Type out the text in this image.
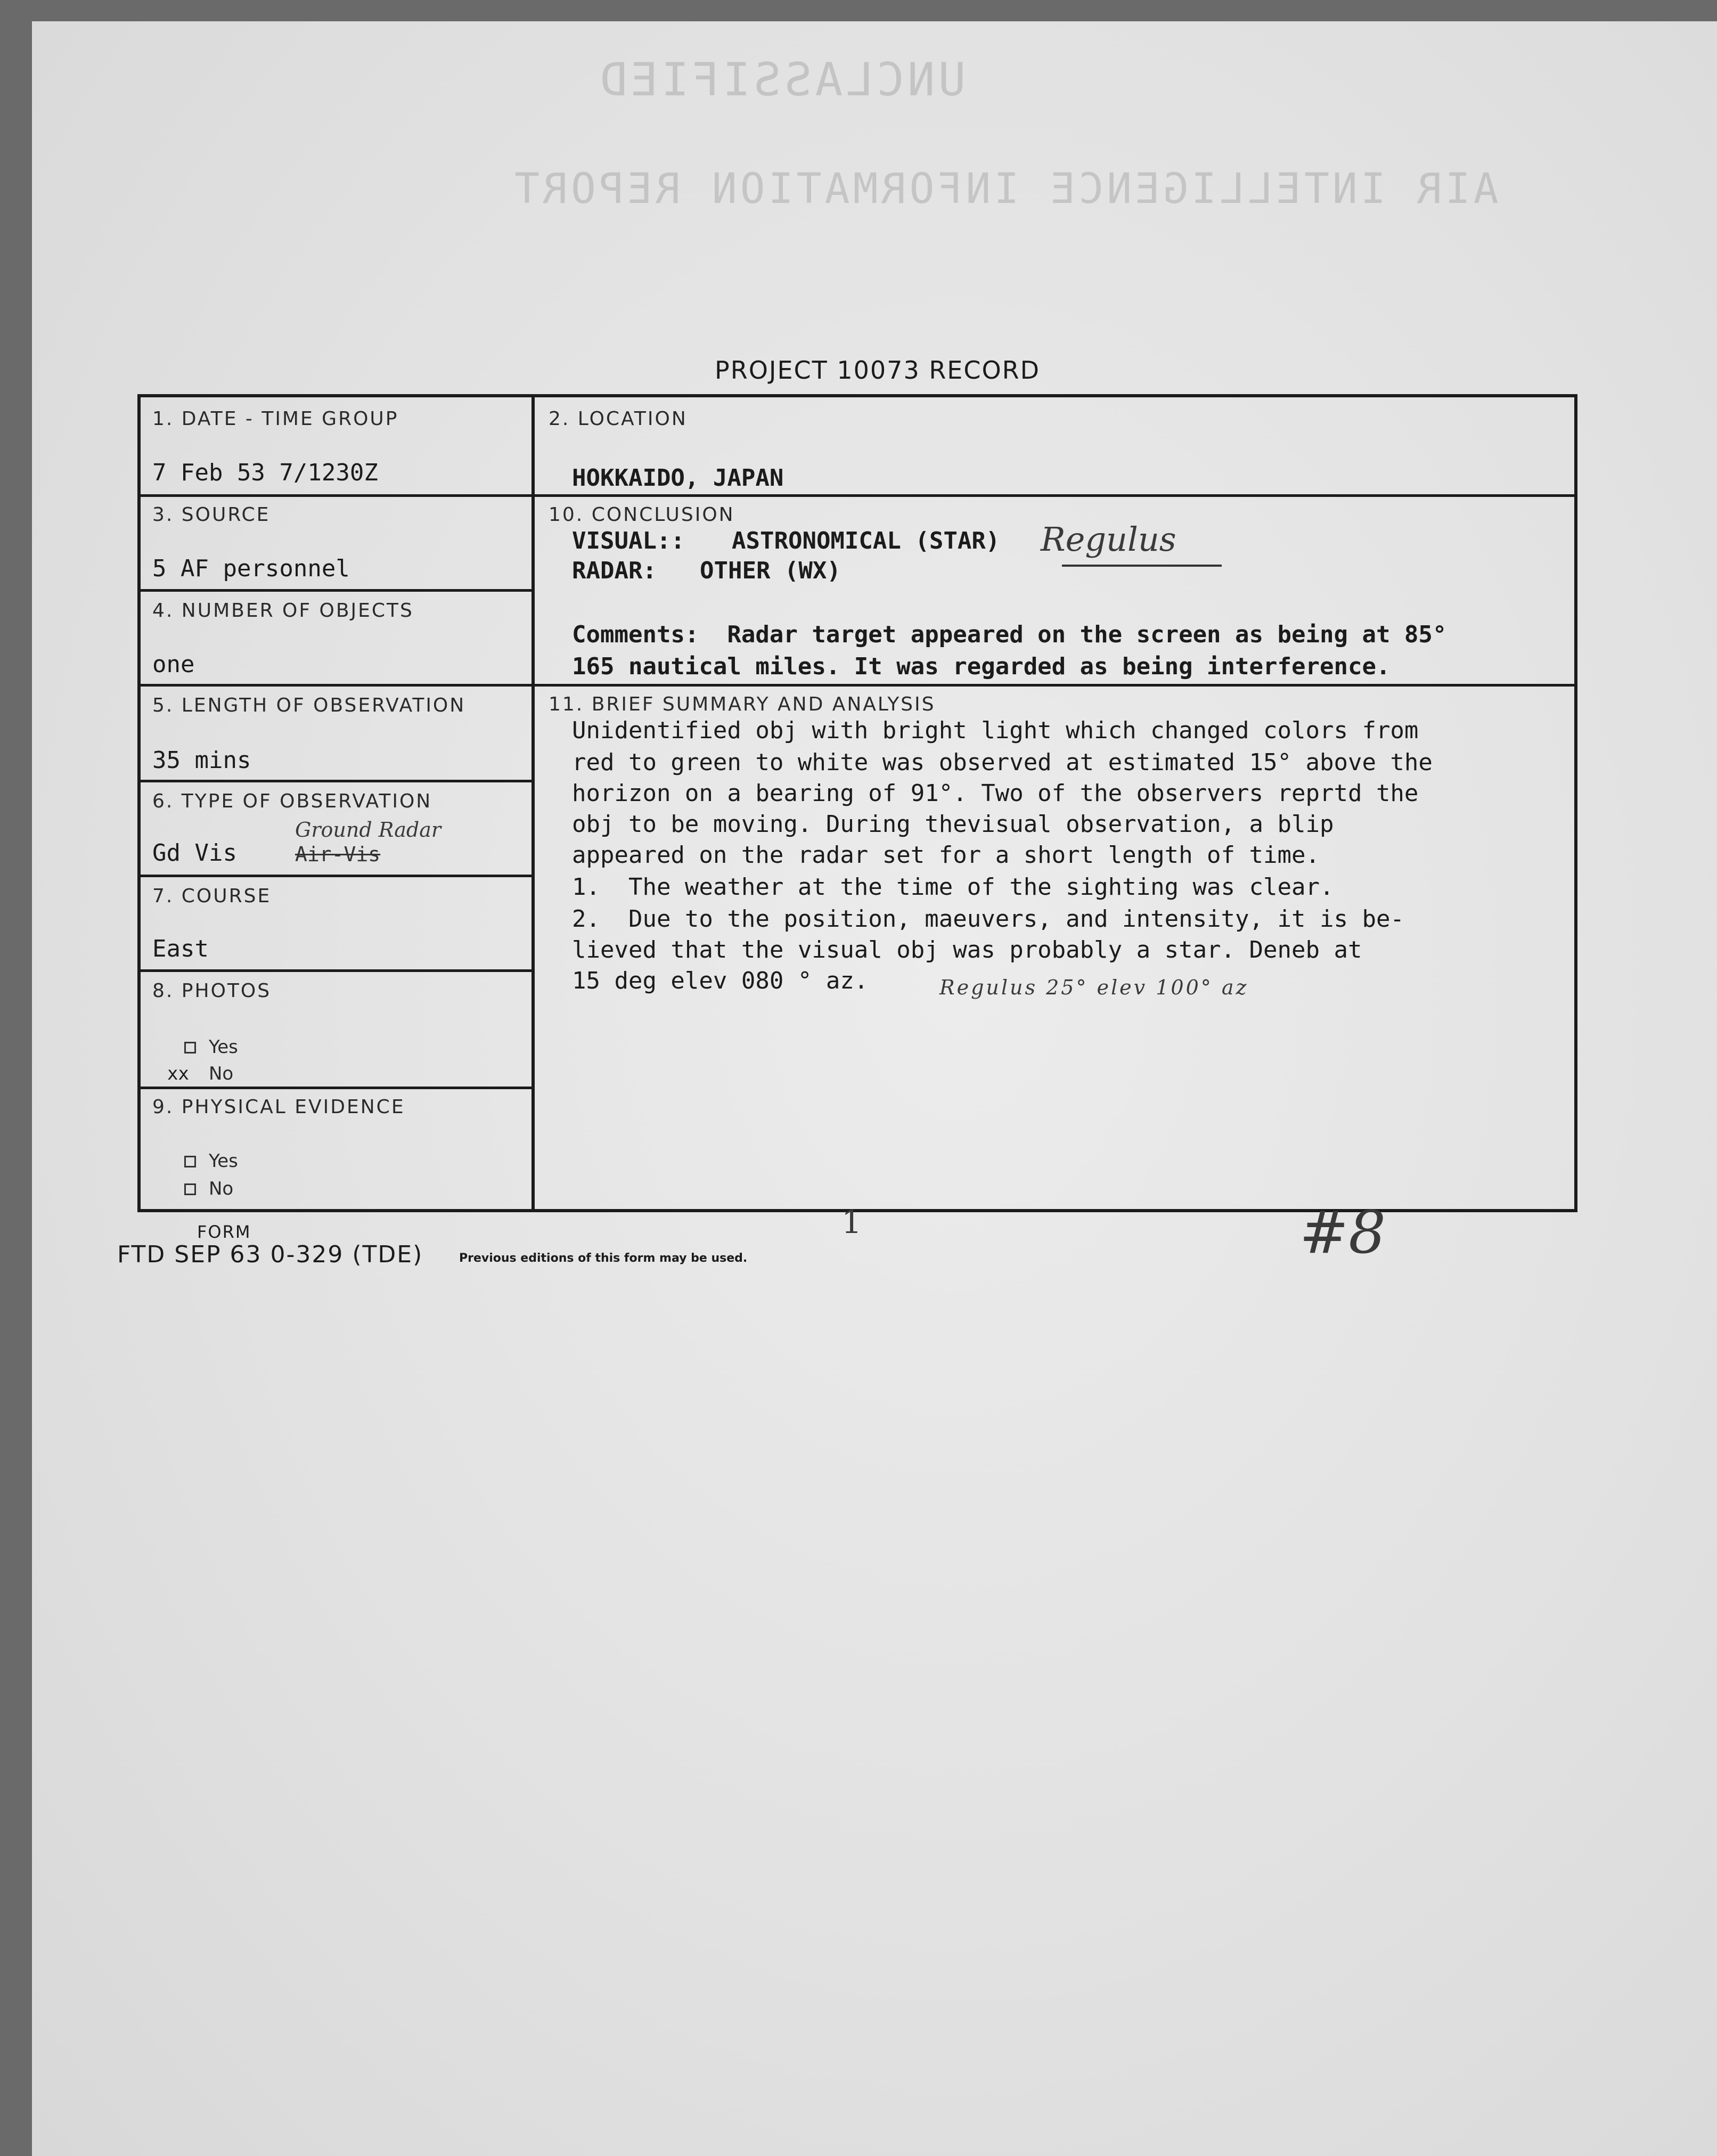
UNCLASSIFIED
AIR INTELLIGENCE INFORMATION REPORT
PROJECT 10073 RECORD
1. DATE - TIME GROUP
7 Feb 53 7/1230Z
2. LOCATION
HOKKAIDO, JAPAN
3. SOURCE
5 AF personnel
4. NUMBER OF OBJECTS
one
5. LENGTH OF OBSERVATION
35 mins
6. TYPE OF OBSERVATION
Gd Vis	Air-Vis
Ground Radar
7. COURSE
East
8. PHOTOS
Yes
xx No
9. PHYSICAL EVIDENCE
Yes
No
10. CONCLUSION
VISUAL:: ASTRONOMICAL (STAR) Regulus
RADAR: OTHER (WX)
Comments:  Radar target appeared on the screen as being at 85°
165 nautical miles. It was regarded as being interference.
11. BRIEF SUMMARY AND ANALYSIS
Unidentified obj with bright light which changed colors from
red to green to white was observed at estimated 15° above the
horizon on a bearing of 91°. Two of the observers reprtd the
obj to be moving. During thevisual observation, a blip
appeared on the radar set for a short length of time.
1.  The weather at the time of the sighting was clear.
2.  Due to the position, maeuvers, and intensity, it is be-
lieved that the visual obj was probably a star. Deneb at
15 deg elev 080 ° az.	Regulus 25° elev 100° az
FORM
FTD SEP 63 0-329 (TDE)	Previous editions of this form may be used.
1	#8
